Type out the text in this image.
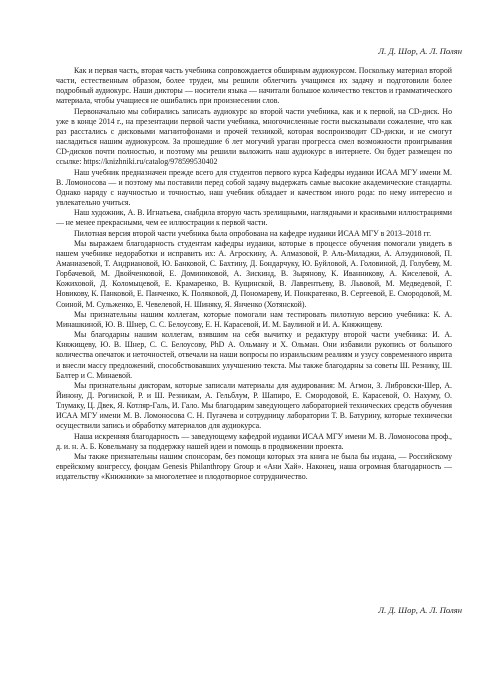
Л. Д. Шор, А. Л. Полян

Как и первая часть, вторая часть учебника сопровождается обширным аудиокурсом. Поскольку материал второй части, естественным образом, более труден, мы решили облегчить учащимся их задачу и подготовили более подробный аудиокурс. Наши дикторы — носители языка — начитали большое количество текстов и грамматического материала, чтобы учащиеся не ошибались при произнесении слов.

Первоначально мы собирались записать аудиокурс ко второй части учебника, как и к первой, на CD-диск. Но уже в конце 2014 г., на презентации первой части учебника, многочисленные гости высказывали сожаление, что как раз расстались с дисковыми магнитофонами и прочей техникой, которая воспроизводит CD-диски, и не смогут насладиться нашим аудиокурсом. За прошедшие 6 лет могучий ураган прогресса смел возможности проигрывания CD-дисков почти полностью, и поэтому мы решили выложить наш аудиокурс в интернете. Он будет размещен по ссылке: https://knizhniki.ru/catalog/978599530402

Наш учебник предназначен прежде всего для студентов первого курса Кафедры иудаики ИСАА МГУ имени М. В. Ломоносова — и поэтому мы поставили перед собой задачу выдержать самые высокие академические стандарты. Однако наряду с научностью и точностью, наш учебник обладает и качеством иного рода: по нему интересно и увлекательно учиться.

Наш художник, А. В. Игнатьева, снабдила вторую часть зрелищными, наглядными и красивыми иллюстрациями — не менее прекрасными, чем ее иллюстрации к первой части.

Пилотная версия второй части учебника была опробована на кафедре иудаики ИСАА МГУ в 2013–2018 гг.

Мы выражаем благодарность студентам кафедры иудаики, которые в процессе обучения помогали увидеть в нашем учебнике недоработки и исправить их: А. Агроскину, А. Алмазовой, Р. Аль-Миладжи, А. Алэудиновой, П. Аманиазевой, Т. Андриановой, Ю. Банковой, С. Бахтину, Д. Бондарчуку, Ю. Буйловой, А. Головиной, Д. Голубеву, М. Горбачевой, М. Двойченковой, Е. Доминиковой, А. Зискинд, В. Зырянову, К. Иванникову, А. Киселевой, А. Кожиховой, Д. Коломыцевой, Е. Крамаренко, В. Кущинской, В. Лаврентьеву, В. Львовой, М. Медведевой, Г. Новикову, К. Панковой, Е. Панченко, К. Поляковой, Д. Пономареву, И. Понкратенко, В. Сергеевой, Е. Смородовой, М. Соиной, М. Сульженко, Е. Чевелевой, Н. Шиняку, Я. Янченко (Хотянской).

Мы признательны нашим коллегам, которые помогали нам тестировать пилотную версию учебника: К. А. Минашкиной, Ю. В. Шнер, С. С. Белоусову, Е. Н. Карасевой, И. М. Баулиной и И. А. Княжищеву.

Мы благодарны нашим коллегам, взявшим на себя вычитку и редактуру второй части учебника: И. А. Княжищеву, Ю. В. Шнер, С. С. Белоусову, PhD А. Ольману и Х. Ольман. Они избавили рукопись от большого количества опечаток и неточностей, отвечали на наши вопросы по израильским реалиям и узусу современного иврита и внесли массу предложений, способствовавших улучшению текста. Мы также благодарны за советы Ш. Резнику, Ш. Балтер и С. Минаевой.

Мы признательны дикторам, которые записали материалы для аудирования: М. Агмон, З. Либровски-Шер, А. Йинону, Д. Рогинской, Р. и Ш. Резникам, А. Гельблум, Р. Шапиро, Е. Смородовой, Е. Карасевой, О. Нахуму, О. Тлумаку, Ц. Двек, Я. Котляр-Галь, И. Гало. Мы благодарим заведующего лабораторией технических средств обучения ИСАА МГУ имени М. В. Ломоносова С. Н. Пугачева и сотрудницу лаборатории Т. В. Батурину, которые технически осуществили запись и обработку материалов для аудиокурса.

Наша искренняя благодарность — заведующему кафедрой иудаики ИСАА МГУ имени М. В. Ломоносова проф., д. и. н. А. Б. Ковельману за поддержку нашей идеи и помощь в продвижении проекта.

Мы также признательны нашим спонсорам, без помощи которых эта книга не была бы издана, — Российскому еврейскому конгрессу, фондам Genesis Philanthropy Group и «Ани Хай». Наконец, наша огромная благодарность — издательству «Книжники» за многолетнее и плодотворное сотрудничество.

Л. Д. Шор, А. Л. Полян
